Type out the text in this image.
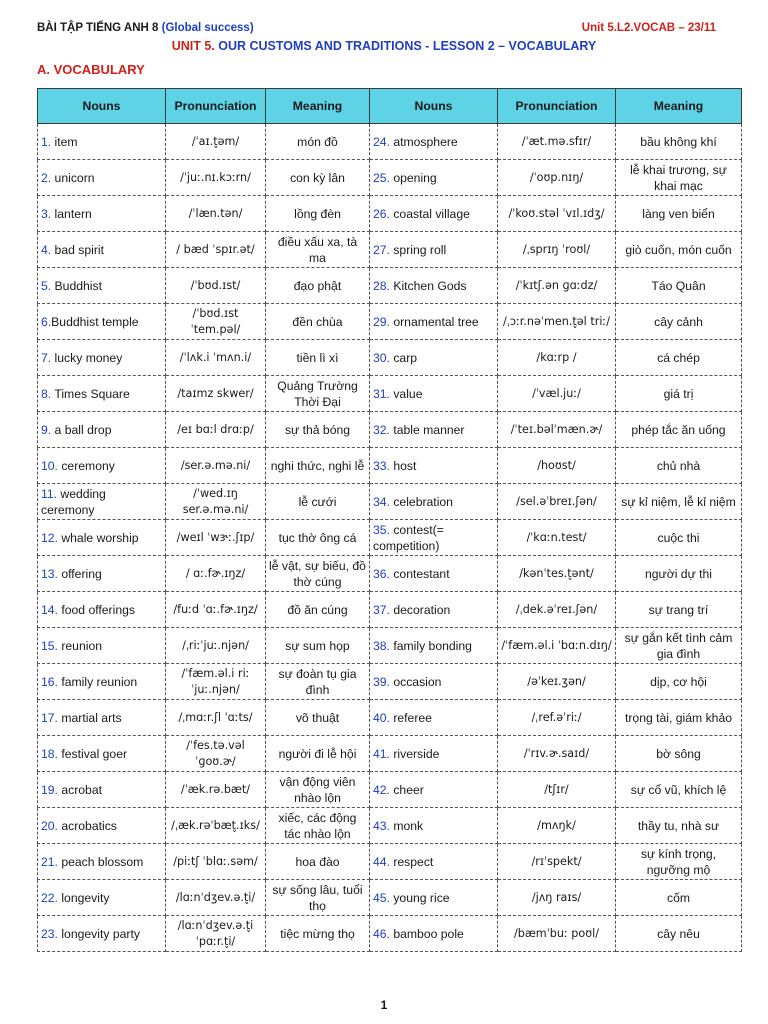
BÀI TẬP TIẾNG ANH 8 (Global success)	Unit 5.L2.VOCAB – 23/11
UNIT 5. OUR CUSTOMS AND TRADITIONS - LESSON 2 – VOCABULARY
A. VOCABULARY
Nouns	Pronunciation	Meaning	Nouns	Pronunciation	Meaning
1. item	/ˈaɪ.t̬əm/	món đồ	24. atmosphere	/ˈæt.mə.sfɪr/	bầu không khí
2. unicorn	/ˈjuː.nɪ.kɔːrn/	con kỳ lân	25. opening	/ˈoʊp.nɪŋ/	lễ khai trương, sự khai mạc
3. lantern	/ˈlæn.tən/	lồng đèn	26. coastal village	/ˈkoʊ.stəl ˈvɪl.ɪdʒ/	làng ven biển
4. bad spirit	/ bæd ˈspɪr.ət/	điều xấu xa, tà ma	27. spring roll	/ˌsprɪŋ ˈroʊl/	giò cuốn, món cuốn
5. Buddhist	/ˈbʊd.ɪst/	đạo phật	28. Kitchen Gods	/ˈkɪtʃ.ən ɡɑːdz/	Táo Quân
6.Buddhist temple	/ˈbʊd.ɪst ˈtem.pəl/	đền chùa	29. ornamental tree	/ˌɔːr.nəˈmen.t̬əl triː/	cây cảnh
7. lucky money	/ˈlʌk.i ˈmʌn.i/	tiền lì xì	30. carp	/kɑːrp /	cá chép
8. Times Square	/taɪmz skwer/	Quảng Trường Thời Đại	31. value	/ˈvæl.juː/	giá trị
9. a ball drop	/eɪ bɑːl drɑːp/	sự thả bóng	32. table manner	/ˈteɪ.bəlˈmæn.ɚ/	phép tắc ăn uống
10. ceremony	/ser.ə.mə.ni/	nghi thức, nghi lễ	33. host	/hoʊst/	chủ nhà
11. wedding ceremony	/ˈwed.ɪŋ ser.ə.mə.ni/	lễ cưới	34. celebration	/sel.əˈbreɪ.ʃən/	sự kỉ niệm, lễ kỉ niệm
12. whale worship	/weɪl ˈwɝː.ʃɪp/	tục thờ ông cá	35. contest(= competition)	/ˈkɑːn.test/	cuộc thi
13. offering	/ ɑː.fɚ.ɪŋz/	lễ vật, sự biếu, đồ thờ cúng	36. contestant	/kənˈtes.t̬ənt/	người dự thi
14. food offerings	/fuːd ˈɑː.fɚ.ɪŋz/	đồ ăn cúng	37. decoration	/ˌdek.əˈreɪ.ʃən/	sự trang trí
15. reunion	/ˌriːˈjuː.njən/	sự sum họp	38. family bonding	/ˈfæm.əl.i ˈbɑːn.dɪŋ/	sự gắn kết tình cảm gia đình
16. family reunion	/ˈfæm.əl.i riːˈjuː.njən/	sự đoàn tụ gia đình	39. occasion	/əˈkeɪ.ʒən/	dịp, cơ hội
17. martial arts	/ˌmɑːr.ʃl ˈɑːts/	võ thuật	40. referee	/ˌref.əˈriː/	trọng tài, giám khảo
18. festival goer	/ˈfes.tə.vəl ˈɡoʊ.ɚ/	người đi lễ hội	41. riverside	/ˈrɪv.ɚ.saɪd/	bờ sông
19. acrobat	/ˈæk.rə.bæt/	vận động viên nhào lộn	42. cheer	/tʃɪr/	sự cổ vũ, khích lệ
20. acrobatics	/ˌæk.rəˈbæt̬.ɪks/	xiếc, các động tác nhào lộn	43. monk	/mʌŋk/	thầy tu, nhà sư
21. peach blossom	/piːtʃ ˈblɑː.səm/	hoa đào	44. respect	/rɪˈspekt/	sự kính trọng, ngưỡng mộ
22. longevity	/lɑːnˈdʒev.ə.t̬i/	sự sống lâu, tuổi thọ	45. young rice	/jʌŋ raɪs/	cốm
23. longevity party	/lɑːnˈdʒev.ə.t̬i ˈpɑːr.t̬i/	tiệc mừng thọ	46. bamboo pole	/bæmˈbuː poʊl/	cây nêu
1
